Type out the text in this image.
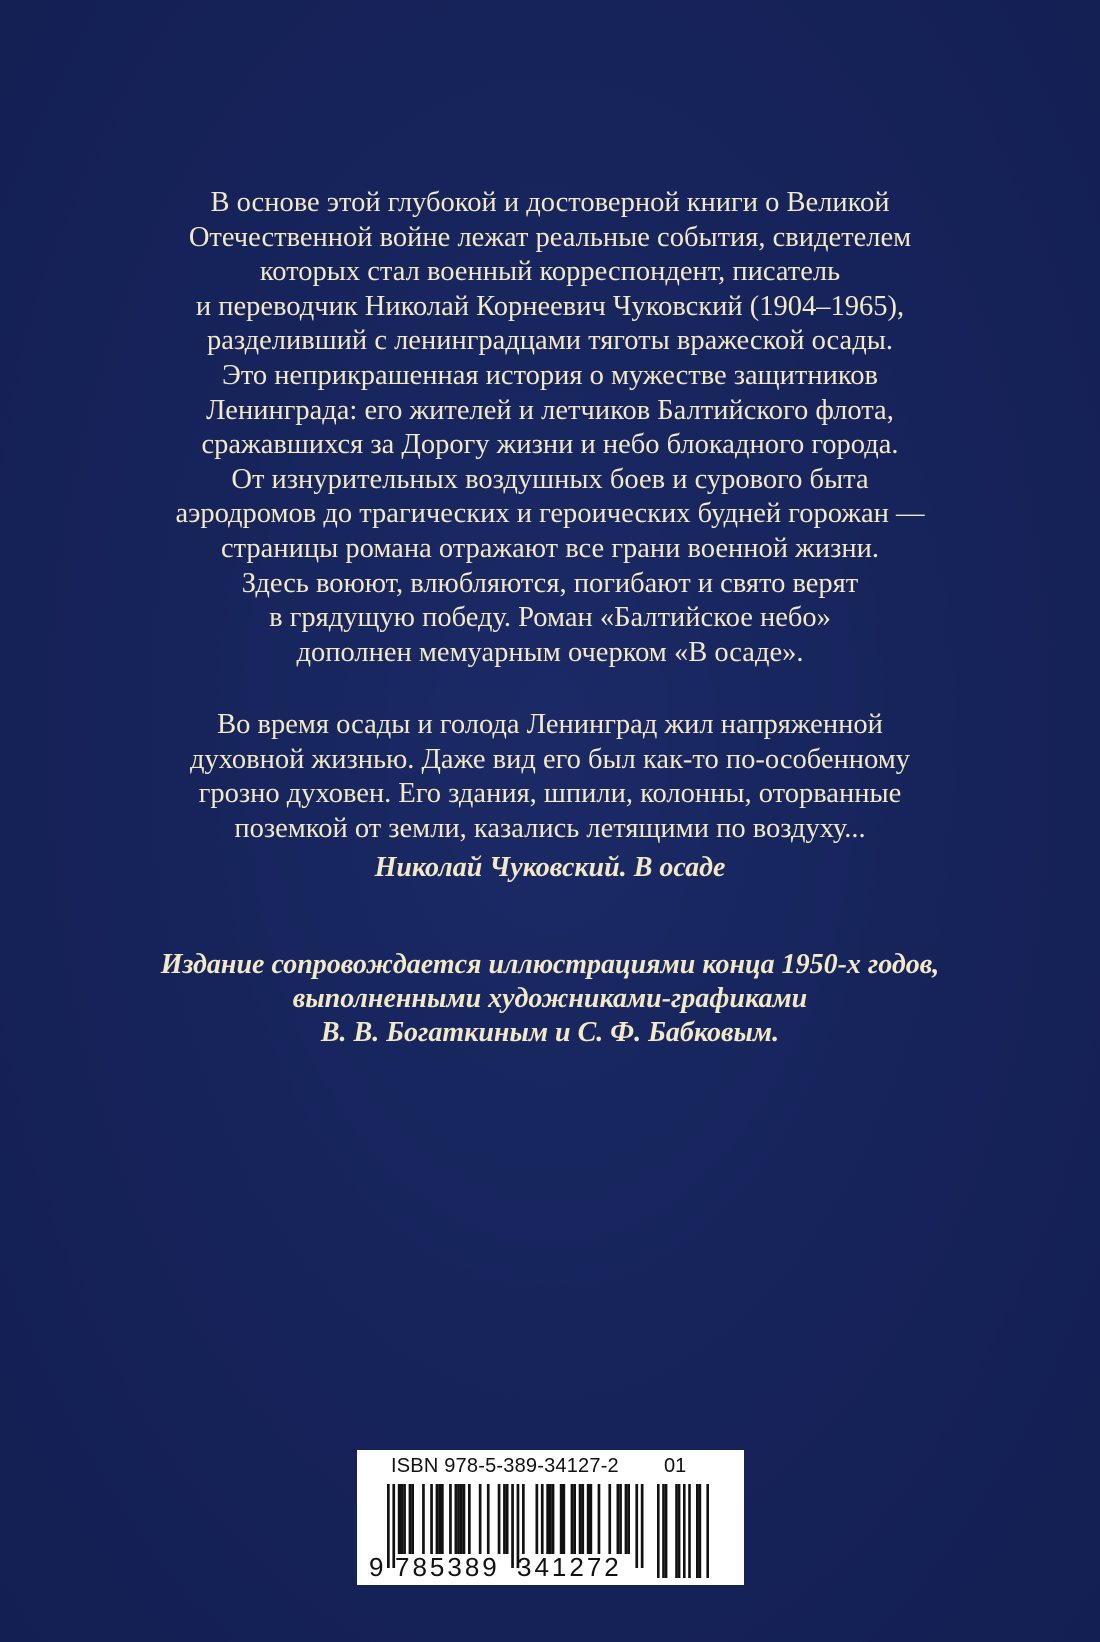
В основе этой глубокой и достоверной книги о Великой
Отечественной войне лежат реальные события, свидетелем
которых стал военный корреспондент, писатель
и переводчик Николай Корнеевич Чуковский (1904–1965),
разделивший с ленинградцами тяготы вражеской осады.
Это неприкрашенная история о мужестве защитников
Ленинграда: его жителей и летчиков Балтийского флота,
сражавшихся за Дорогу жизни и небо блокадного города.
От изнурительных воздушных боев и сурового быта
аэродромов до трагических и героических будней горожан —
страницы романа отражают все грани военной жизни.
Здесь воюют, влюбляются, погибают и свято верят
в грядущую победу. Роман «Балтийское небо»
дополнен мемуарным очерком «В осаде».
Во время осады и голода Ленинград жил напряженной
духовной жизнью. Даже вид его был как-то по-особенному
грозно духовен. Его здания, шпили, колонны, оторванные
поземкой от земли, казались летящими по воздуху...
Николай Чуковский. В осаде
Издание сопровождается иллюстрациями конца 1950-х годов,
выполненными художниками-графиками
В. В. Богаткиным и С. Ф. Бабковым.
ISBN 978-5-389-34127-2 01
9 785389 341272
